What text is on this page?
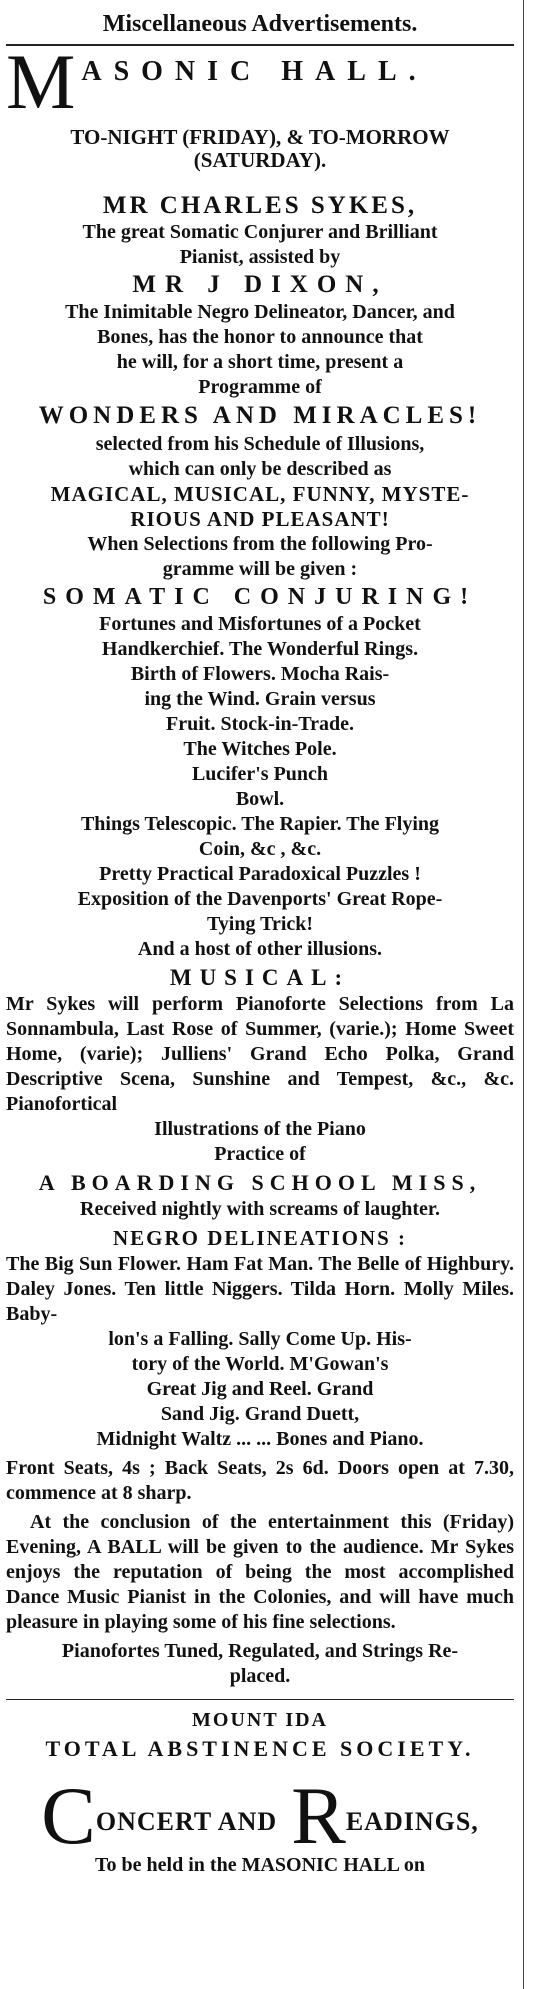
Miscellaneous Advertisements.
M ASONIC HALL.
TO-NIGHT (FRIDAY), & TO-MORROW
(SATURDAY).
MR CHARLES SYKES,
The great Somatic Conjurer and Brilliant
Pianist, assisted by
MR J DIXON,
The Inimitable Negro Delineator, Dancer, and
Bones, has the honor to announce that
he will, for a short time, present a
Programme of
WONDERS AND MIRACLES!
selected from his Schedule of Illusions,
which can only be described as
MAGICAL, MUSICAL, FUNNY, MYSTE-
RIOUS AND PLEASANT!
When Selections from the following Pro-
gramme will be given :
SOMATIC CONJURING!
Fortunes and Misfortunes of a Pocket
Handkerchief. The Wonderful Rings.
Birth of Flowers. Mocha Rais-
ing the Wind. Grain versus
Fruit. Stock-in-Trade.
The Witches Pole.
Lucifer's Punch
Bowl.
Things Telescopic. The Rapier. The Flying
Coin, &c , &c.
Pretty Practical Paradoxical Puzzles !
Exposition of the Davenports' Great Rope-
Tying Trick!
And a host of other illusions.
MUSICAL:
Mr Sykes will perform Pianoforte Selections from La Sonnambula, Last Rose of Summer, (varie.); Home Sweet Home, (varie); Julliens' Grand Echo Polka, Grand Descriptive Scena, Sunshine and Tempest, &c., &c. Pianofortical
Illustrations of the Piano
Practice of
A BOARDING SCHOOL MISS,
Received nightly with screams of laughter.
NEGRO DELINEATIONS :
The Big Sun Flower. Ham Fat Man. The Belle of Highbury. Daley Jones. Ten little Niggers. Tilda Horn. Molly Miles. Baby-
lon's a Falling. Sally Come Up. His-
tory of the World. M'Gowan's
Great Jig and Reel. Grand
Sand Jig. Grand Duett,
Midnight Waltz ... ... Bones and Piano.
Front Seats, 4s ; Back Seats, 2s 6d. Doors open at 7.30, commence at 8 sharp.
At the conclusion of the entertainment this (Friday) Evening, A BALL will be given to the audience. Mr Sykes enjoys the reputation of being the most accomplished Dance Music Pianist in the Colonies, and will have much pleasure in playing some of his fine selections.
Pianofortes Tuned, Regulated, and Strings Re-
placed.
MOUNT IDA
TOTAL ABSTINENCE SOCIETY.
C ONCERT AND R EADINGS,
To be held in the MASONIC HALL on
